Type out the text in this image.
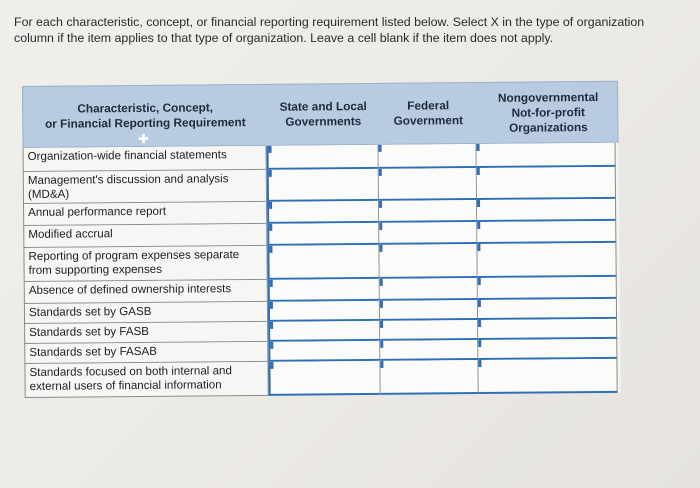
For each characteristic, concept, or financial reporting requirement listed below. Select X in the type of organization column if the item applies to that type of organization. Leave a cell blank if the item does not apply.
Characteristic, Concept,
or Financial Reporting Requirement
State and Local
Governments
Federal
Government
Nongovernmental
Not-for-profit
Organizations
✚
Organization-wide financial statements
Management's discussion and analysis (MD&A)
Annual performance report
Modified accrual
Reporting of program expenses separate from supporting expenses
Absence of defined ownership interests
Standards set by GASB
Standards set by FASB
Standards set by FASAB
Standards focused on both internal and external users of financial information
